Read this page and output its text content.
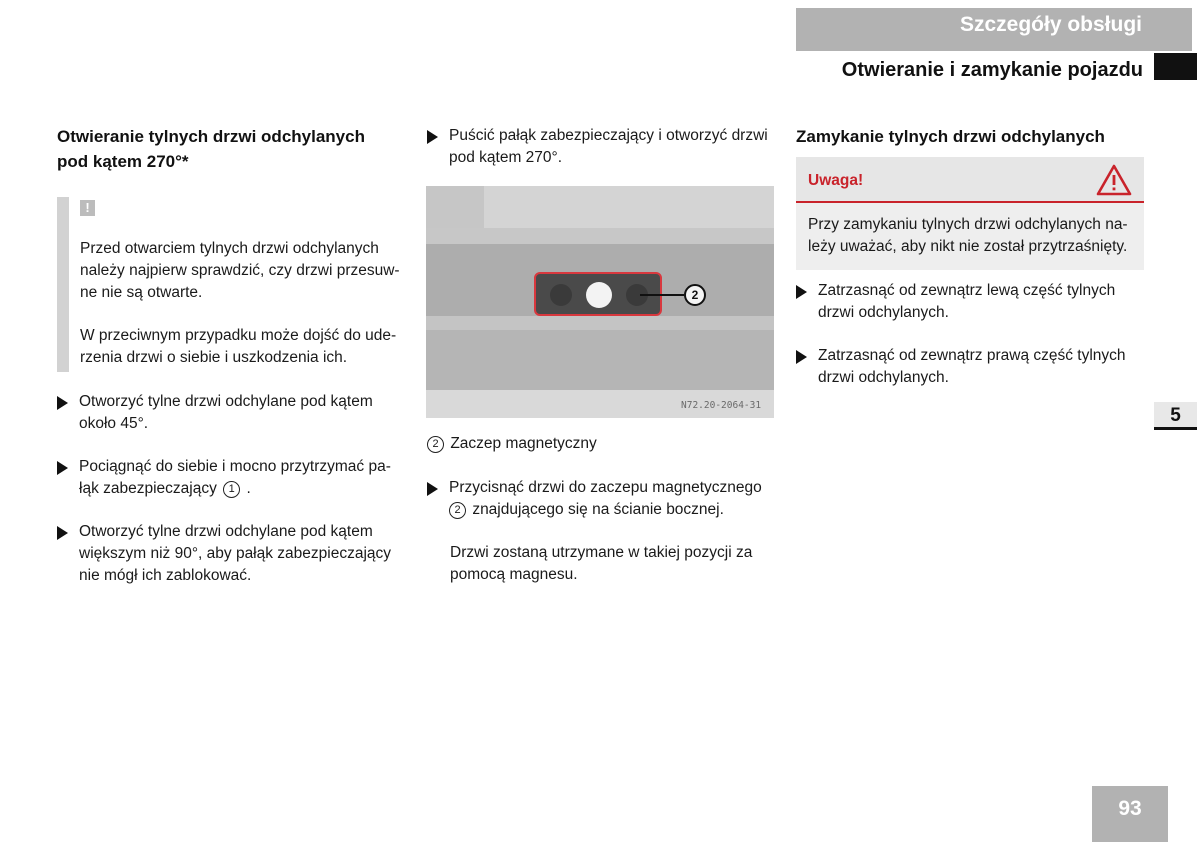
Szczegóły obsługi
Otwieranie i zamykanie pojazdu
Otwieranie tylnych drzwi odchylanych
pod kątem 270°*
!
Przed otwarciem tylnych drzwi odchylanych
należy najpierw sprawdzić, czy drzwi przesuw-
ne nie są otwarte.
W przeciwnym przypadku może dojść do ude-
rzenia drzwi o siebie i uszkodzenia ich.
Otworzyć tylne drzwi odchylane pod kątem
około 45°.
Pociągnąć do siebie i mocno przytrzymać pa-
łąk zabezpieczający 1 .
Otworzyć tylne drzwi odchylane pod kątem
większym niż 90°, aby pałąk zabezpieczający
nie mógł ich zablokować.
Puścić pałąk zabezpieczający i otworzyć drzwi
pod kątem 270°.
2
N72.20-2064-31
2 Zaczep magnetyczny
Przycisnąć drzwi do zaczepu magnetycznego
2 znajdującego się na ścianie bocznej.
Drzwi zostaną utrzymane w takiej pozycji za
pomocą magnesu.
Zamykanie tylnych drzwi odchylanych
Uwaga!
Przy zamykaniu tylnych drzwi odchylanych na-
leży uważać, aby nikt nie został przytrzaśnięty.
Zatrzasnąć od zewnątrz lewą część tylnych
drzwi odchylanych.
Zatrzasnąć od zewnątrz prawą część tylnych
drzwi odchylanych.
5
93
